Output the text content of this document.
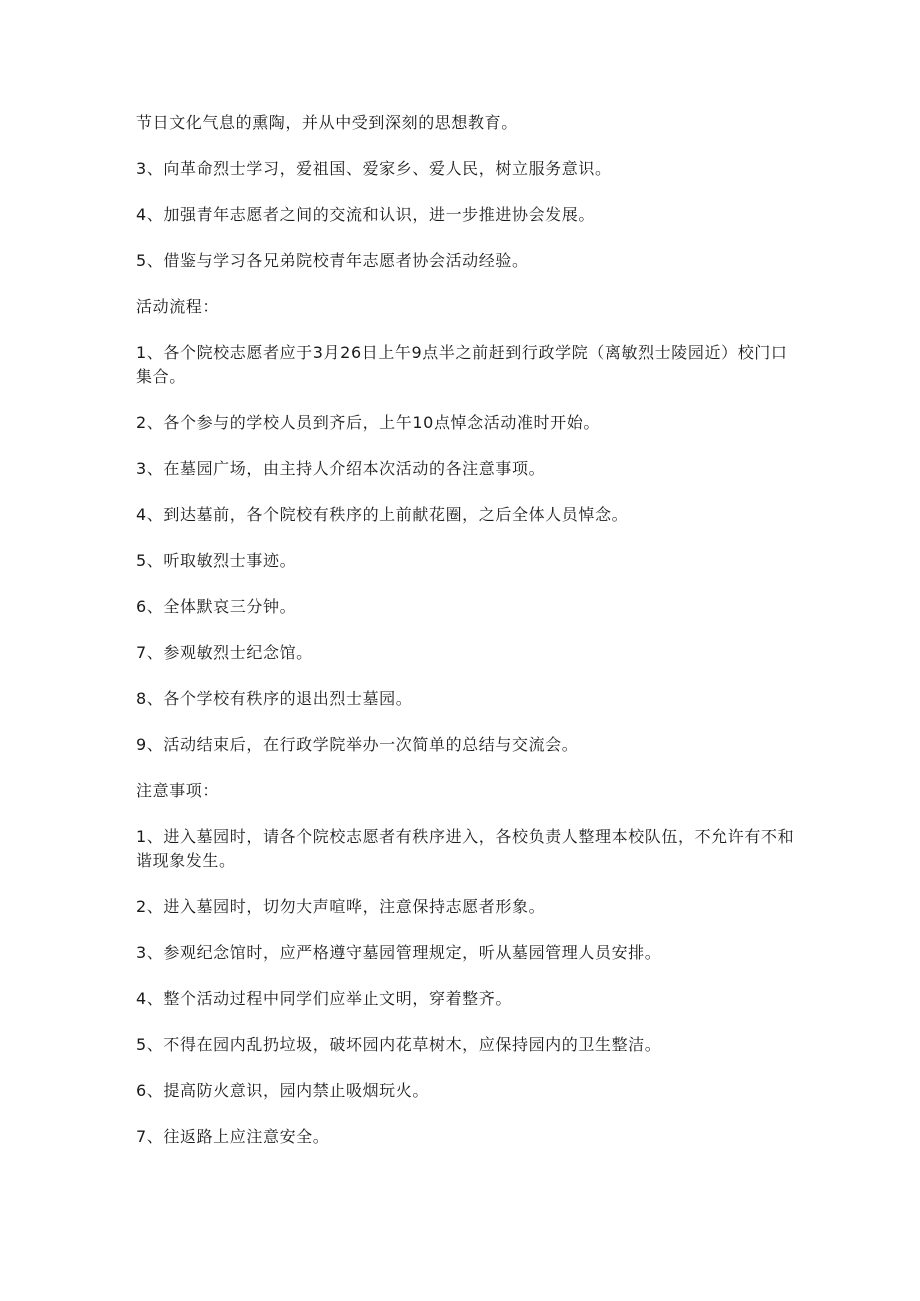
节日文化气息的熏陶，并从中受到深刻的思想教育。

3、向革命烈士学习，爱祖国、爱家乡、爱人民，树立服务意识。

4、加强青年志愿者之间的交流和认识，进一步推进协会发展。

5、借鉴与学习各兄弟院校青年志愿者协会活动经验。

活动流程：

1、各个院校志愿者应于3月26日上午9点半之前赶到行政学院（离敏烈士陵园近）校门口集合。

2、各个参与的学校人员到齐后，上午10点悼念活动准时开始。

3、在墓园广场，由主持人介绍本次活动的各注意事项。

4、到达墓前，各个院校有秩序的上前献花圈，之后全体人员悼念。

5、听取敏烈士事迹。

6、全体默哀三分钟。

7、参观敏烈士纪念馆。

8、各个学校有秩序的退出烈士墓园。

9、活动结束后，在行政学院举办一次简单的总结与交流会。

注意事项：

1、进入墓园时，请各个院校志愿者有秩序进入，各校负责人整理本校队伍，不允许有不和谐现象发生。

2、进入墓园时，切勿大声喧哗，注意保持志愿者形象。

3、参观纪念馆时，应严格遵守墓园管理规定，听从墓园管理人员安排。

4、整个活动过程中同学们应举止文明，穿着整齐。

5、不得在园内乱扔垃圾，破坏园内花草树木，应保持园内的卫生整洁。

6、提高防火意识，园内禁止吸烟玩火。

7、往返路上应注意安全。
